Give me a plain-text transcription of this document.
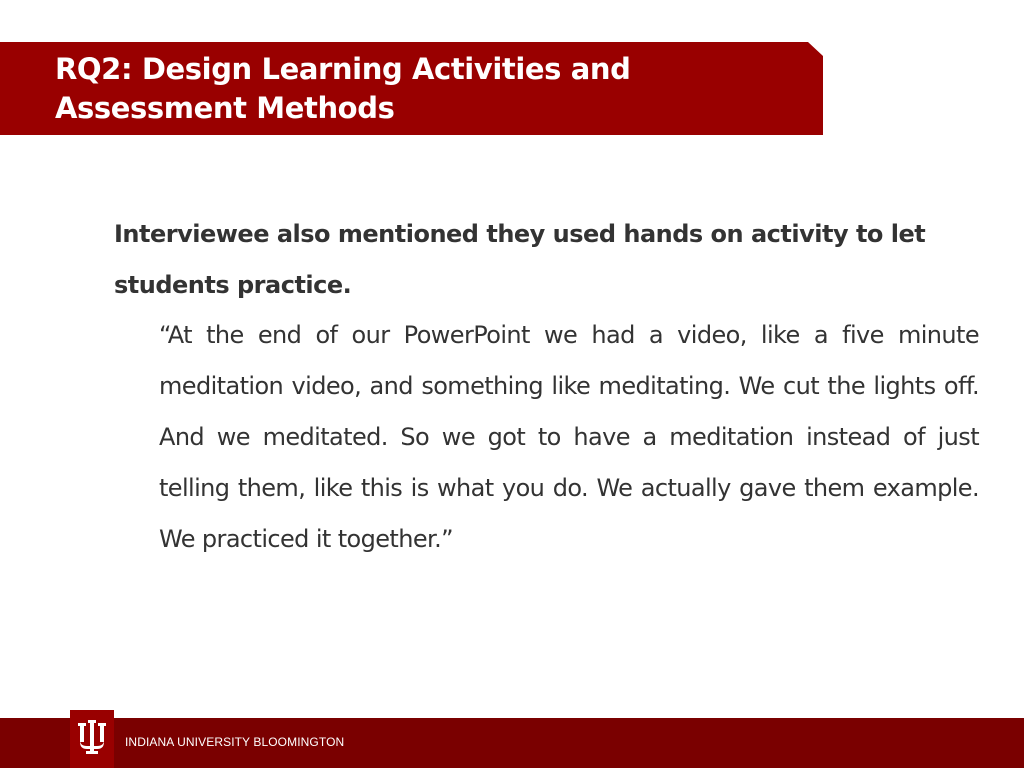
RQ2: Design Learning Activities and Assessment Methods
Interviewee also mentioned they used hands on activity to let students practice.
“At the end of our PowerPoint we had a video, like a five minute meditation video, and something like meditating. We cut the lights off. And we meditated. So we got to have a meditation instead of just telling them, like this is what you do. We actually gave them example. We practiced it together.”
INDIANA UNIVERSITY BLOOMINGTON
